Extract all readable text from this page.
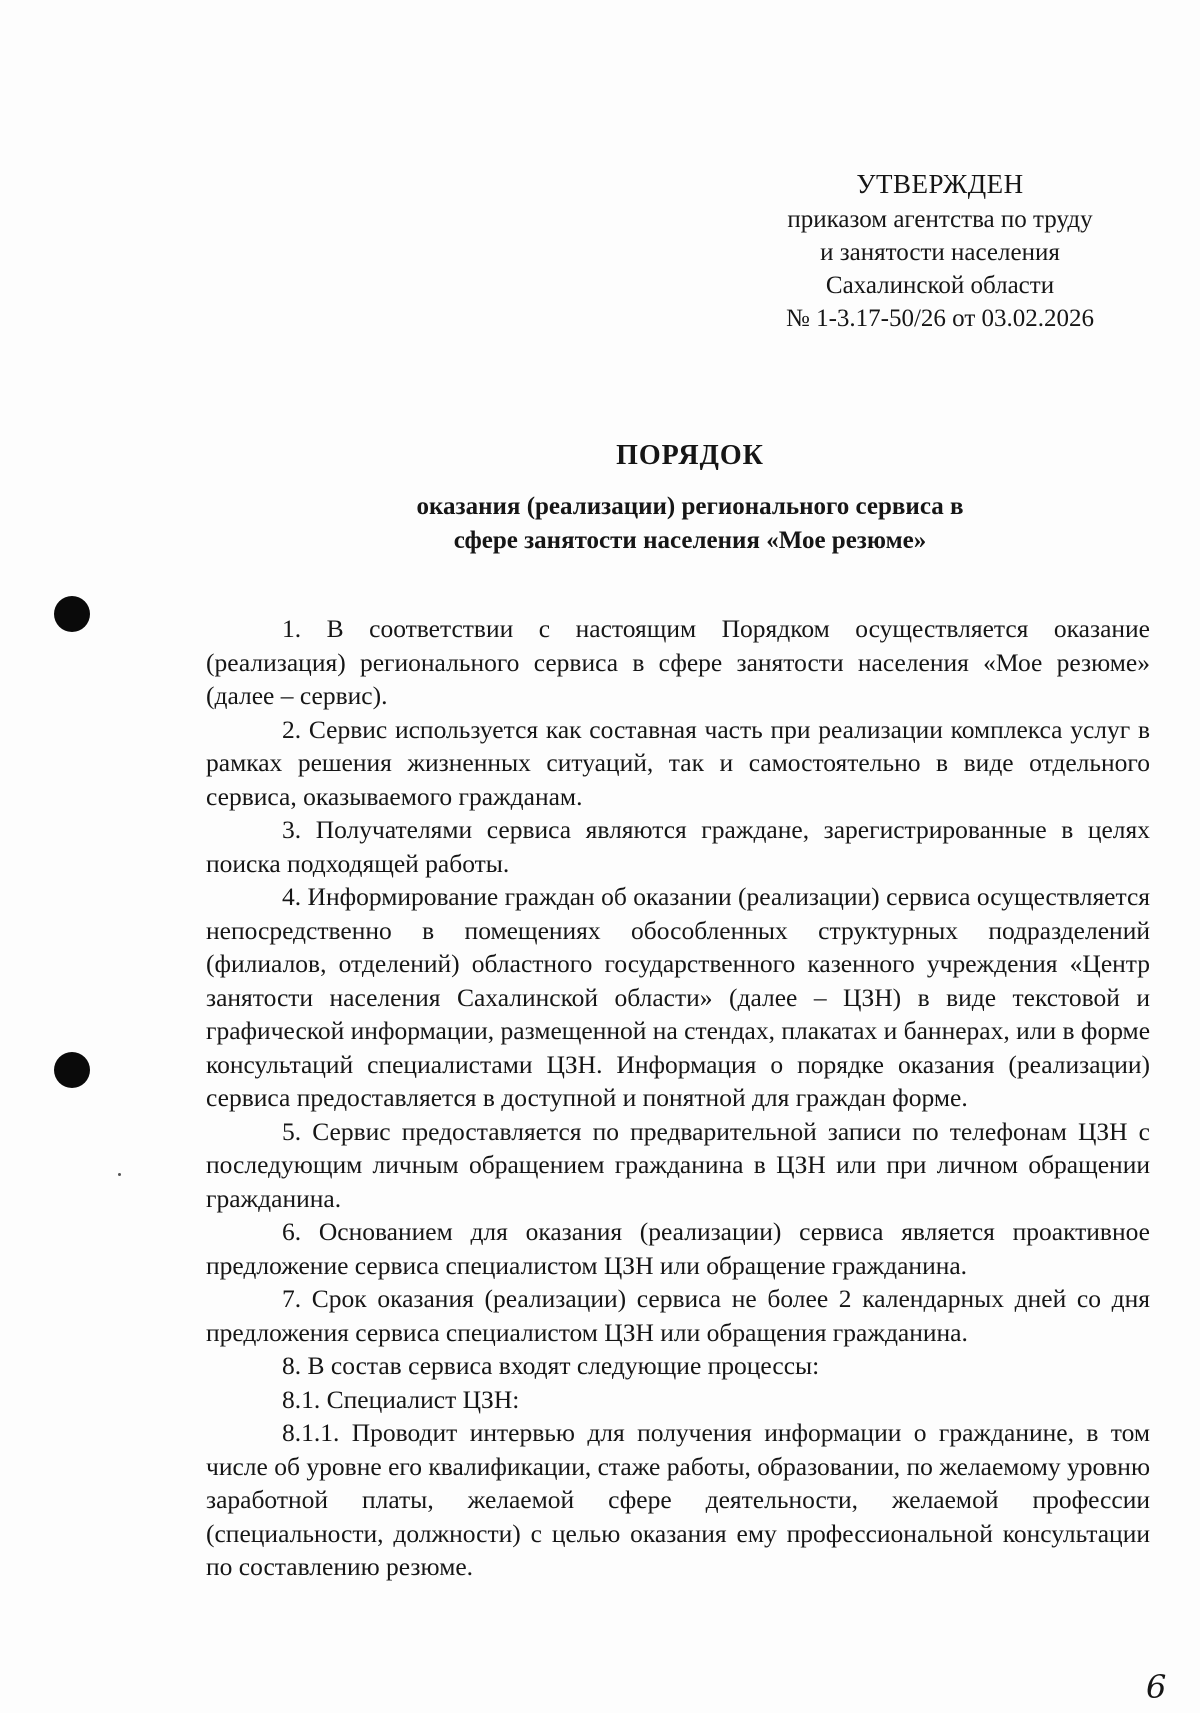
УТВЕРЖДЕН
приказом агентства по труду
и занятости населения
Сахалинской области
№ 1-3.17-50/26 от 03.02.2026
ПОРЯДОК
оказания (реализации) регионального сервиса в
сфере занятости населения «Мое резюме»

1. В соответствии с настоящим Порядком осуществляется оказание (реализация) регионального сервиса в сфере занятости населения «Мое резюме» (далее – сервис).

2. Сервис используется как составная часть при реализации комплекса услуг в рамках решения жизненных ситуаций, так и самостоятельно в виде отдельного сервиса, оказываемого гражданам.

3. Получателями сервиса являются граждане, зарегистрированные в целях поиска подходящей работы.

4. Информирование граждан об оказании (реализации) сервиса осуществляется непосредственно в помещениях обособленных структурных подразделений (филиалов, отделений) областного государственного казенного учреждения «Центр занятости населения Сахалинской области» (далее – ЦЗН) в виде текстовой и графической информации, размещенной на стендах, плакатах и баннерах, или в форме консультаций специалистами ЦЗН. Информация о порядке оказания (реализации) сервиса предоставляется в доступной и понятной для граждан форме.

5. Сервис предоставляется по предварительной записи по телефонам ЦЗН с последующим личным обращением гражданина в ЦЗН или при личном обращении гражданина.

6. Основанием для оказания (реализации) сервиса является проактивное предложение сервиса специалистом ЦЗН или обращение гражданина.

7. Срок оказания (реализации) сервиса не более 2 календарных дней со дня предложения сервиса специалистом ЦЗН или обращения гражданина.

8. В состав сервиса входят следующие процессы:

8.1. Специалист ЦЗН:

8.1.1. Проводит интервью для получения информации о гражданине, в том числе об уровне его квалификации, стаже работы, образовании, по желаемому уровню заработной платы, желаемой сфере деятельности, желаемой профессии (специальности, должности) с целью оказания ему профессиональной консультации по составлению резюме.

6
